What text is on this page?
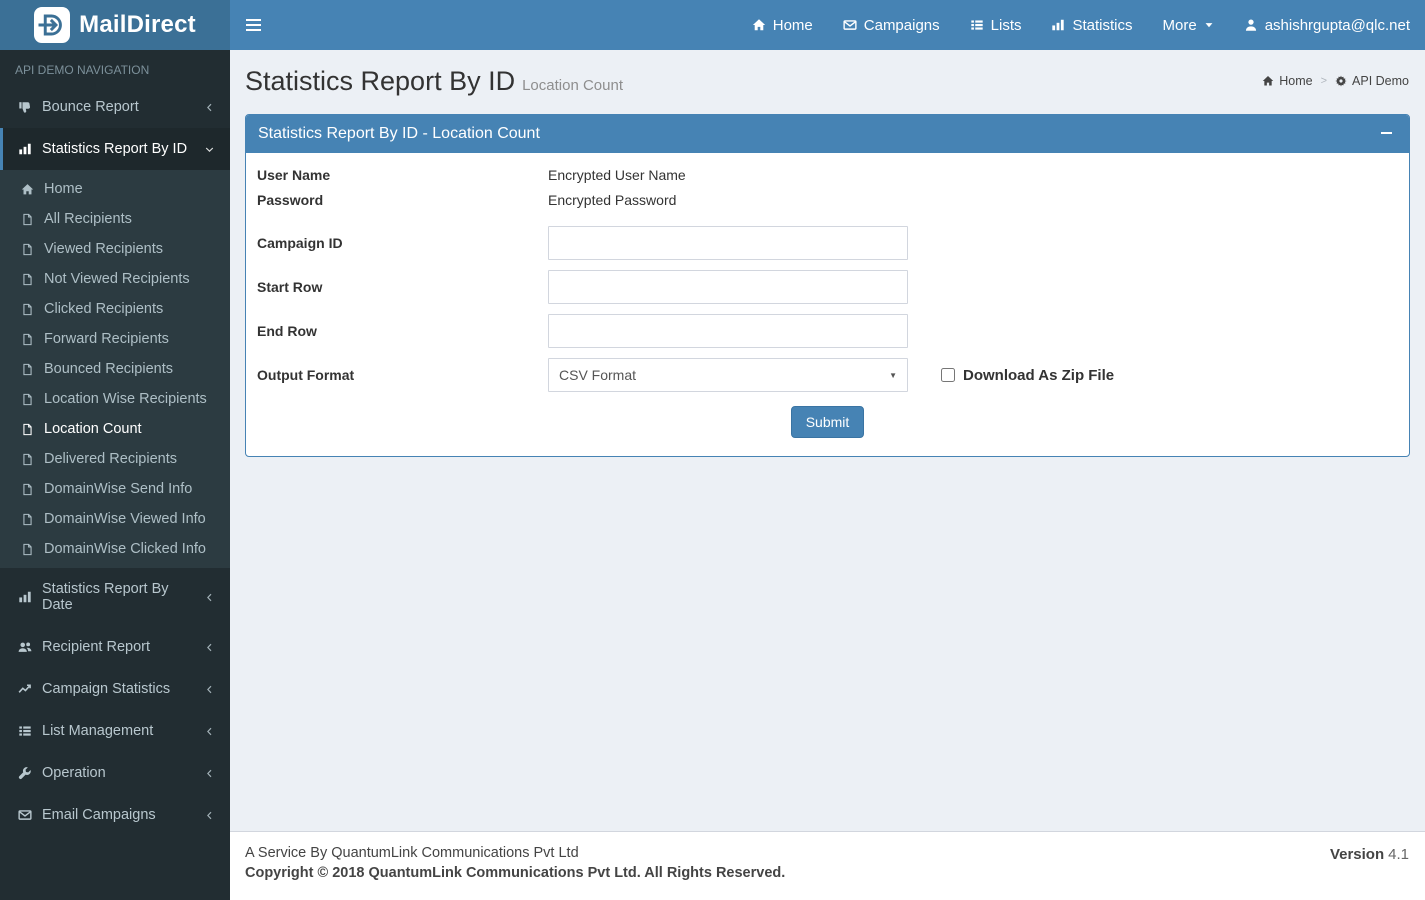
MailDirect	Home	Campaigns	Lists	Statistics More	ashishrgupta@qlc.net
API DEMO NAVIGATION
Bounce Report
Statistics Report By ID
Home
All Recipients
Viewed Recipients
Not Viewed Recipients
Clicked Recipients
Forward Recipients
Bounced Recipients
Location Wise Recipients
Location Count
Delivered Recipients
DomainWise Send Info
DomainWise Viewed Info
DomainWise Clicked Info
Statistics Report By Date
Recipient Report
Campaign Statistics
List Management
Operation
Email Campaigns
Statistics Report By ID Location Count	Home > API Demo
Statistics Report By ID - Location Count
User Name	Encrypted User Name
Password	Encrypted Password
Campaign ID
Start Row
End Row
Output Format	CSV Format	▼	Download As Zip File
Submit
A Service By QuantumLink Communications Pvt Ltd
Copyright © 2018 QuantumLink Communications Pvt Ltd. All Rights Reserved.
Version 4.1
